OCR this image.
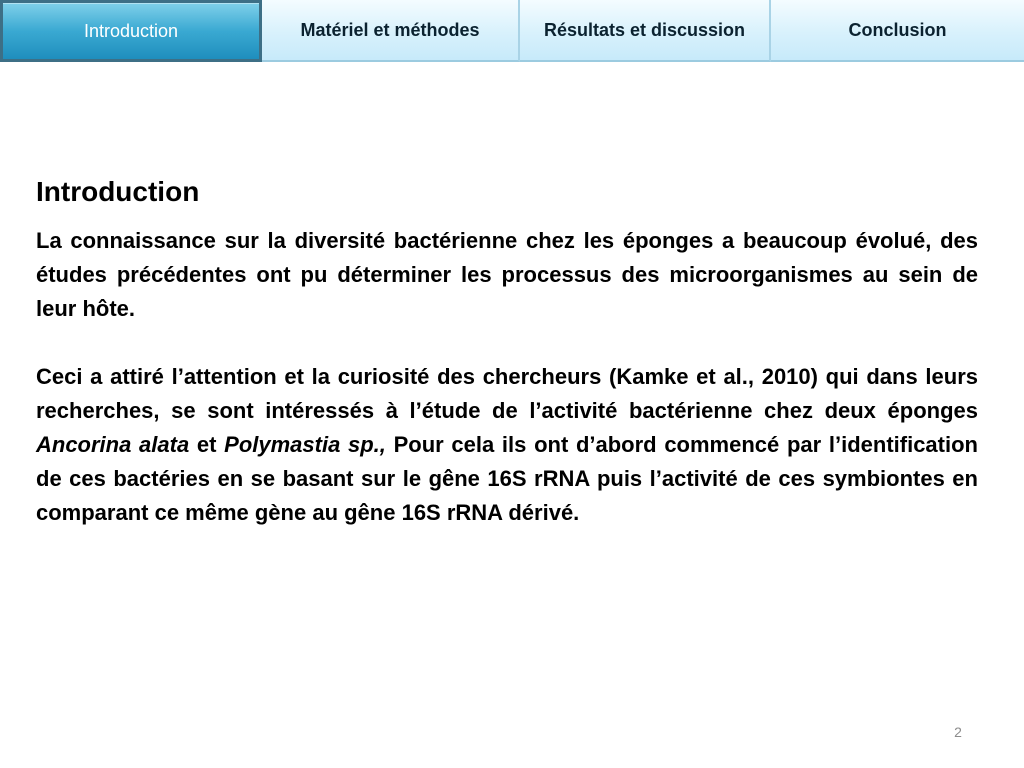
Introduction	Matériel et méthodes	Résultats et discussion	Conclusion
Introduction

La connaissance sur la diversité bactérienne chez les éponges a beaucoup évolué, des études précédentes ont pu déterminer les processus des microorganismes au sein de leur hôte.

Ceci a attiré l’attention et la curiosité des chercheurs (Kamke et al., 2010) qui dans leurs recherches, se sont intéressés à l’étude de l’activité bactérienne chez deux éponges Ancorina alata et Polymastia sp., Pour cela ils ont d’abord commencé par l’identification de ces bactéries en se basant sur le gêne 16S rRNA puis l’activité de ces symbiontes en comparant ce même gène au gêne 16S rRNA dérivé.

2
